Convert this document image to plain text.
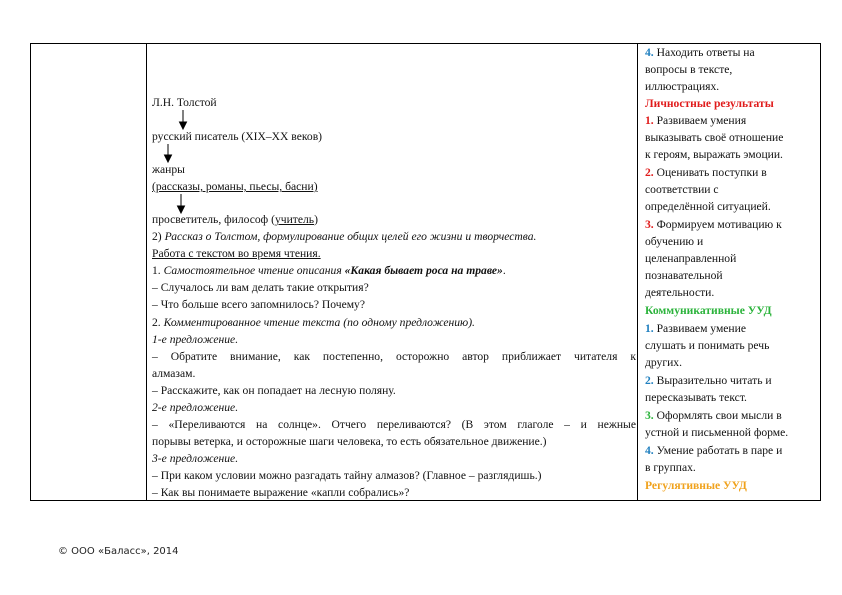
Л.Н. Толстой
русский писатель (XIX–XX веков)
жанры
(рассказы, романы, пьесы, басни)
просветитель, философ (учитель)
2) Рассказ о Толстом, формулирование общих целей его жизни и творчества.
Работа с текстом во время чтения.
1. Самостоятельное чтение описания «Какая бывает роса на траве».
– Случалось ли вам делать такие открытия?
– Что больше всего запомнилось? Почему?
2. Комментированное чтение текста (по одному предложению).
1-е предложение.
– Обратите внимание, как постепенно, осторожно автор приближает читателя к
алмазам.
– Расскажите, как он попадает на лесную поляну.
2-е предложение.
– «Переливаются на солнце». Отчего переливаются? (В этом глаголе – и нежные
порывы ветерка, и осторожные шаги человека, то есть обязательное движение.)
3-е предложение.
– При каком условии можно разгадать тайну алмазов? (Главное – разглядишь.)
– Как вы понимаете выражение «капли собрались»?
4. Находить ответы на
вопросы в тексте,
иллюстрациях.
Личностные результаты
1. Развиваем умения
выказывать своё отношение
к героям, выражать эмоции.
2. Оценивать поступки в
соответствии с
определённой ситуацией.
3. Формируем мотивацию к
обучению и
целенаправленной
познавательной
деятельности.
Коммуникативные УУД
1. Развиваем умение
слушать и понимать речь
других.
2. Выразительно читать и
пересказывать текст.
3. Оформлять свои мысли в
устной и письменной форме.
4. Умение работать в паре и
в группах.
Регулятивные УУД
© ООО «Баласс», 2014
